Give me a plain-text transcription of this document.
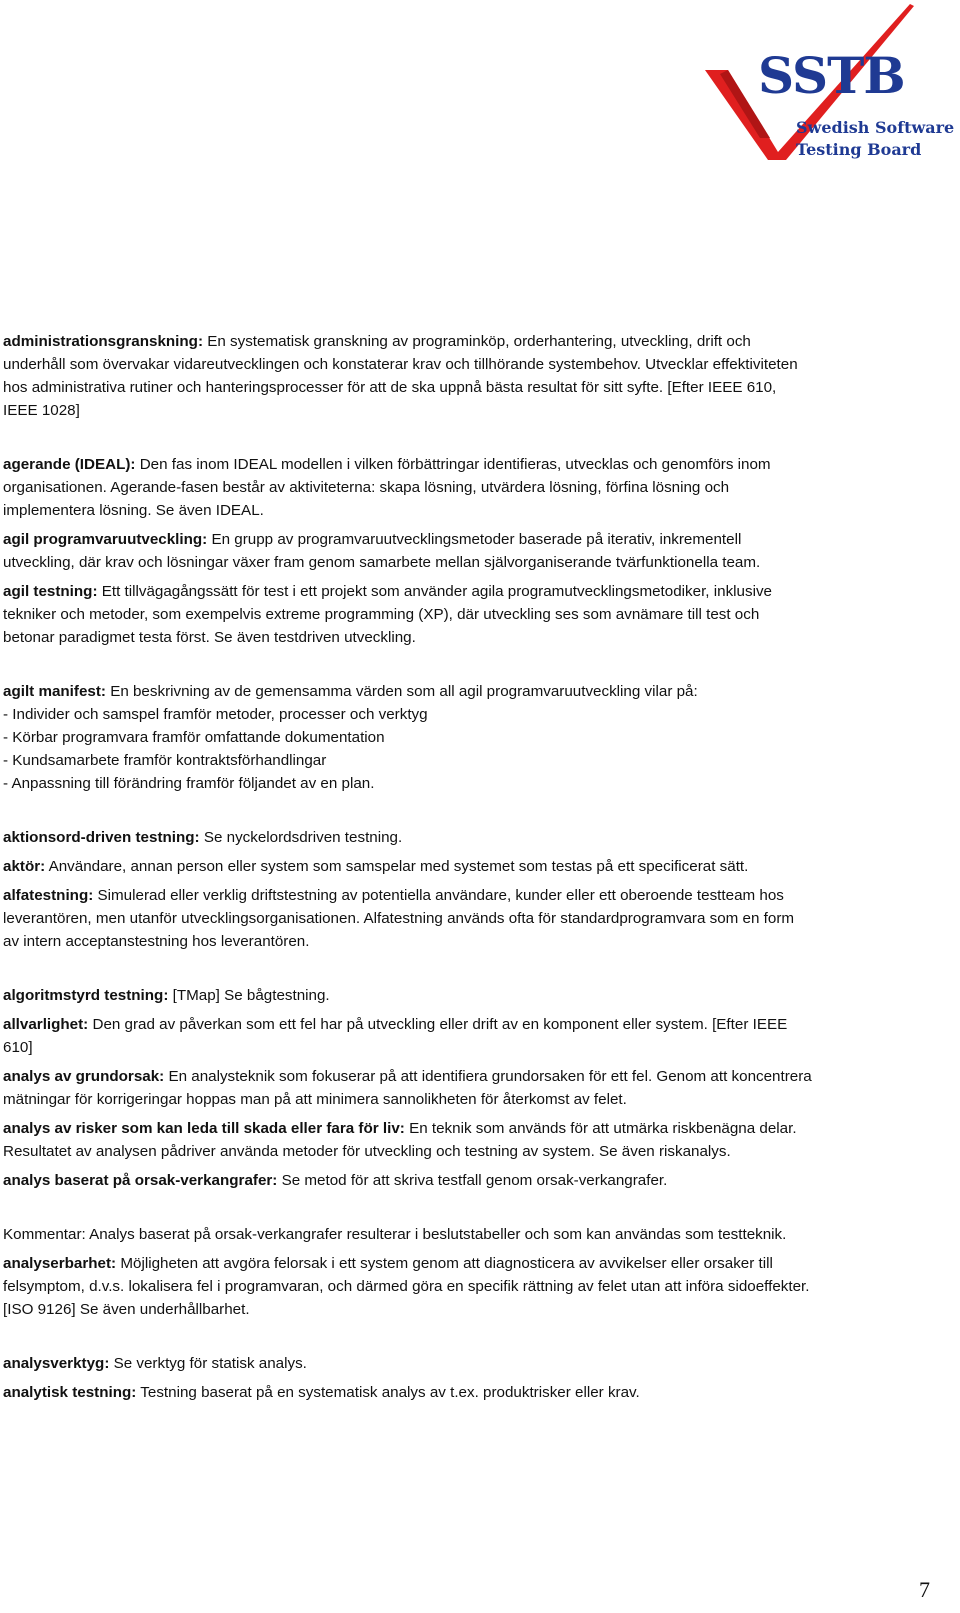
SSTB
Swedish Software
Testing Board

administrationsgranskning: En systematisk granskning av programinköp, orderhantering, utveckling, drift och underhåll som övervakar vidareutvecklingen och konstaterar krav och tillhörande systembehov. Utvecklar effektiviteten hos administrativa rutiner och hanteringsprocesser för att de ska uppnå bästa resultat för sitt syfte. [Efter IEEE 610, IEEE 1028]

agerande (IDEAL): Den fas inom IDEAL modellen i vilken förbättringar identifieras, utvecklas och genomförs inom organisationen. Agerande-fasen består av aktiviteterna: skapa lösning, utvärdera lösning, förfina lösning och implementera lösning. Se även IDEAL.

agil programvaruutveckling: En grupp av programvaruutvecklingsmetoder baserade på iterativ, inkrementell utveckling, där krav och lösningar växer fram genom samarbete mellan självorganiserande tvärfunktionella team.

agil testning: Ett tillvägagångssätt för test i ett projekt som använder agila programutvecklingsmetodiker, inklusive tekniker och metoder, som exempelvis extreme programming (XP), där utveckling ses som avnämare till test och betonar paradigmet testa först. Se även testdriven utveckling.

agilt manifest: En beskrivning av de gemensamma värden som all agil programvaruutveckling vilar på:

- Individer och samspel framför metoder, processer och verktyg

- Körbar programvara framför omfattande dokumentation

- Kundsamarbete framför kontraktsförhandlingar

- Anpassning till förändring framför följandet av en plan.

aktionsord-driven testning: Se nyckelordsdriven testning.

aktör: Användare, annan person eller system som samspelar med systemet som testas på ett specificerat sätt.

alfatestning: Simulerad eller verklig driftstestning av potentiella användare, kunder eller ett oberoende testteam hos leverantören, men utanför utvecklingsorganisationen. Alfatestning används ofta för standardprogramvara som en form av intern acceptanstestning hos leverantören.

algoritmstyrd testning: [TMap] Se bågtestning.

allvarlighet: Den grad av påverkan som ett fel har på utveckling eller drift av en komponent eller system. [Efter IEEE 610]

analys av grundorsak: En analysteknik som fokuserar på att identifiera grundorsaken för ett fel. Genom att koncentrera mätningar för korrigeringar hoppas man på att minimera sannolikheten för återkomst av felet.

analys av risker som kan leda till skada eller fara för liv: En teknik som används för att utmärka riskbenägna delar. Resultatet av analysen pådriver använda metoder för utveckling och testning av system. Se även riskanalys.

analys baserat på orsak-verkangrafer: Se metod för att skriva testfall genom orsak-verkangrafer.

Kommentar: Analys baserat på orsak-verkangrafer resulterar i beslutstabeller och som kan användas som testteknik.

analyserbarhet: Möjligheten att avgöra felorsak i ett system genom att diagnosticera av avvikelser eller orsaker till felsymptom, d.v.s. lokalisera fel i programvaran, och därmed göra en specifik rättning av felet utan att införa sidoeffekter. [ISO 9126] Se även underhållbarhet.

analysverktyg: Se verktyg för statisk analys.

analytisk testning: Testning baserat på en systematisk analys av t.ex. produktrisker eller krav.

7
